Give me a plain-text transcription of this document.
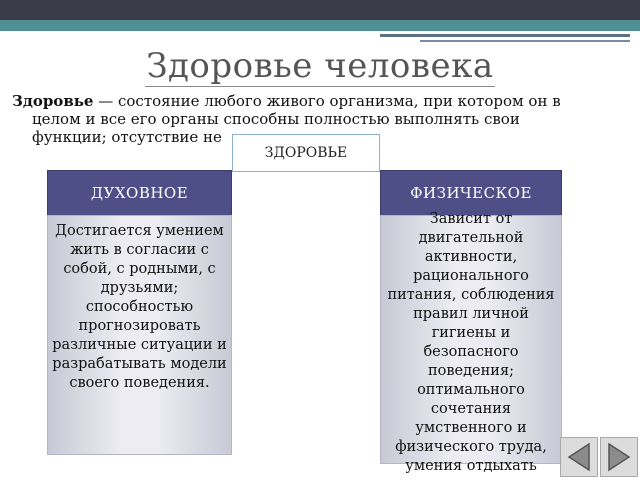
Здоровье человека
Здоровье — состояние любого живого организма, при котором он в
целом и все его органы способны полностью выполнять свои
функции; отсутствие не
ЗДОРОВЬЕ
ДУХОВНОЕ
Достигается умением жить в согласии с собой, с родными, с друзьями; способностью прогнозировать различные ситуации и разрабатывать модели своего поведения.
ФИЗИЧЕСКОЕ
Зависит от двигательной активности, рационального питания, соблюдения правил личной гигиены и безопасного поведения; оптимального сочетания умственного и физического труда, умения отдыхать
